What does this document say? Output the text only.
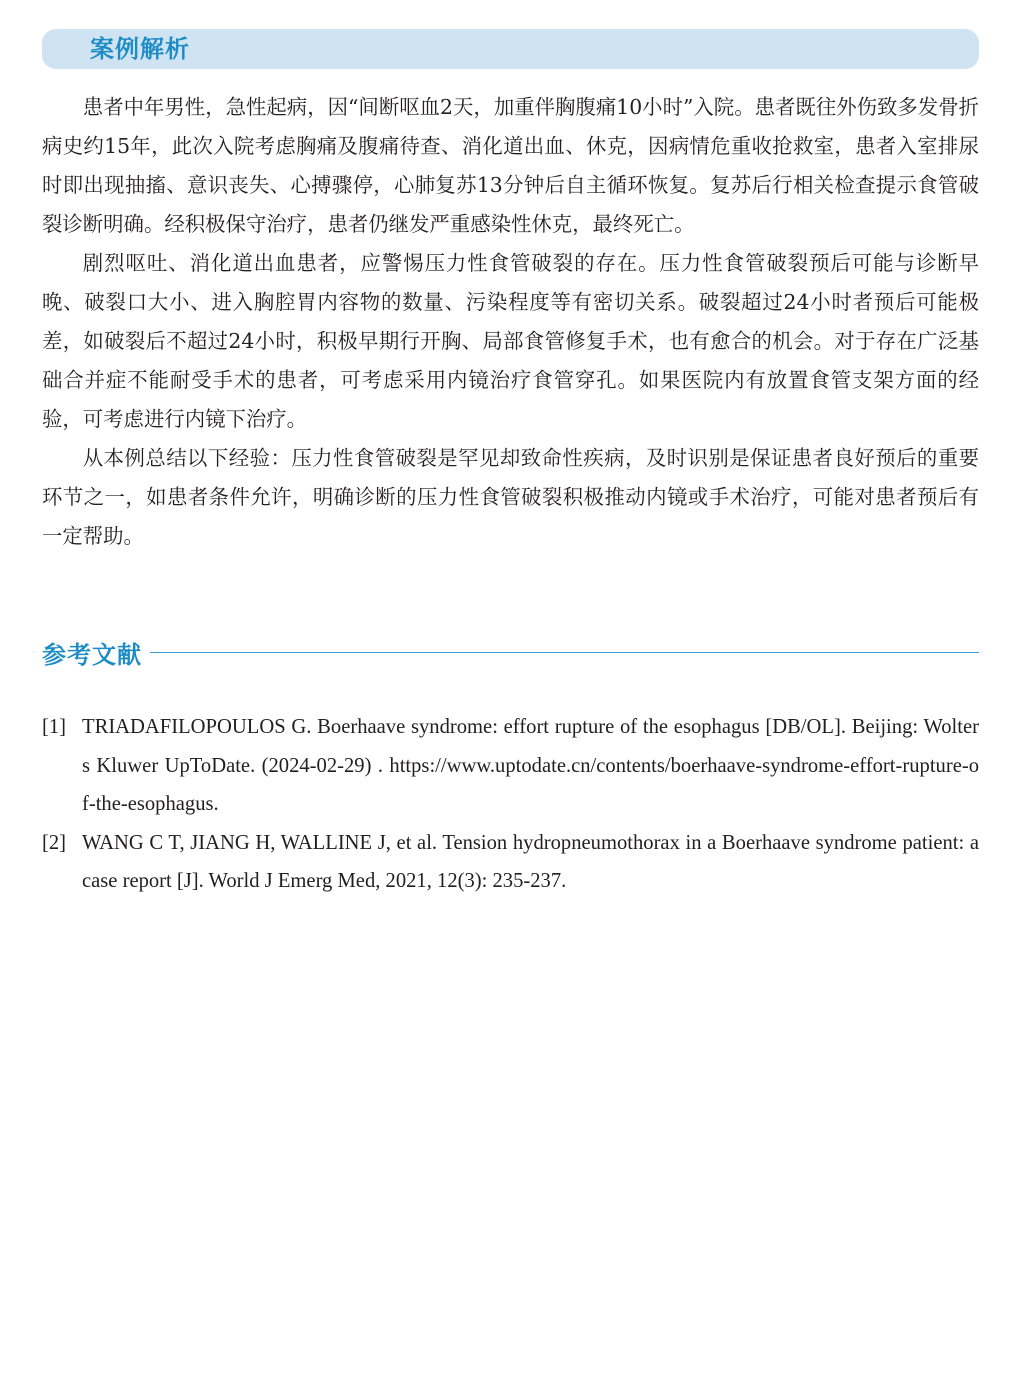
案例解析

患者中年男性，急性起病，因“间断呕血2天，加重伴胸腹痛10小时”入院。患者既往外伤致多发骨折病史约15年，此次入院考虑胸痛及腹痛待查、消化道出血、休克，因病情危重收抢救室，患者入室排尿时即出现抽搐、意识丧失、心搏骤停，心肺复苏13分钟后自主循环恢复。复苏后行相关检查提示食管破裂诊断明确。经积极保守治疗，患者仍继发严重感染性休克，最终死亡。

剧烈呕吐、消化道出血患者，应警惕压力性食管破裂的存在。压力性食管破裂预后可能与诊断早晚、破裂口大小、进入胸腔胃内容物的数量、污染程度等有密切关系。破裂超过24小时者预后可能极差，如破裂后不超过24小时，积极早期行开胸、局部食管修复手术，也有愈合的机会。对于存在广泛基础合并症不能耐受手术的患者，可考虑采用内镜治疗食管穿孔。如果医院内有放置食管支架方面的经验，可考虑进行内镜下治疗。

从本例总结以下经验：压力性食管破裂是罕见却致命性疾病，及时识别是保证患者良好预后的重要环节之一，如患者条件允许，明确诊断的压力性食管破裂积极推动内镜或手术治疗，可能对患者预后有一定帮助。

参考文献
[1] TRIADAFILOPOULOS G. Boerhaave syndrome: effort rupture of the esophagus [DB/OL]. Beijing: Wolters Kluwer UpToDate. (2024-02-29) . https://www.uptodate.cn/contents/boerhaave-syndrome-effort-rupture-of-the-esophagus.
[2] WANG C T, JIANG H, WALLINE J, et al. Tension hydropneumothorax in a Boerhaave syndrome patient: a case report [J]. World J Emerg Med, 2021, 12(3): 235-237.
